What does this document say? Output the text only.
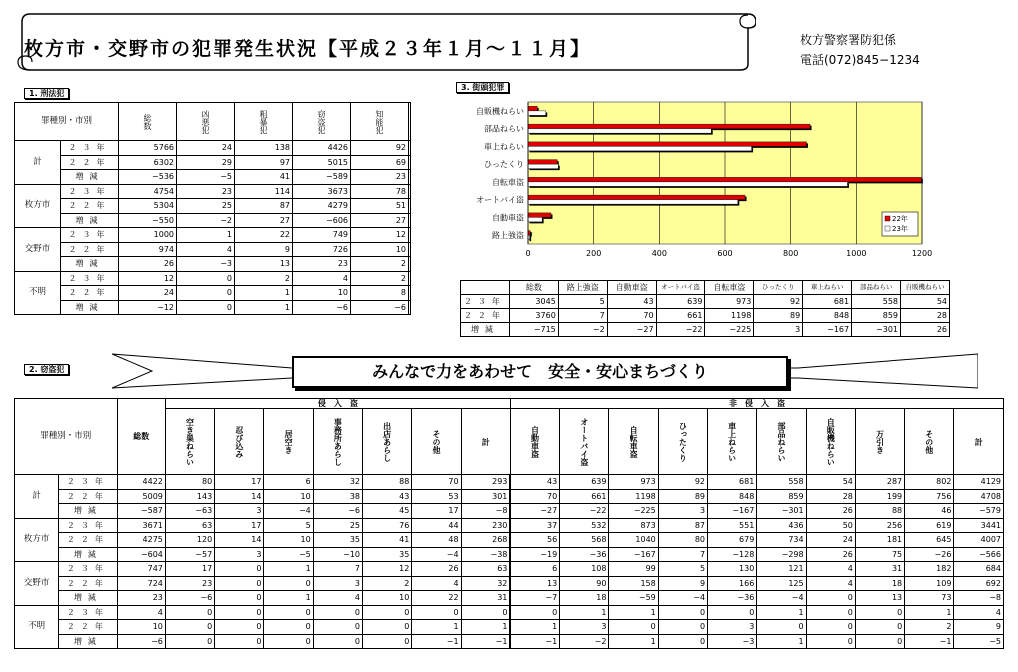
枚方市・交野市の犯罪発生状況【平成２３年１月～１１月】	枚方警察署防犯係
電話(072)845−1234
1. 刑法犯
罪種別・市別		総数	凶悪犯	粗暴犯	窃盗犯	知能犯

計	２３年	5766	24	138	4426	92	
	２２年	6302	29	97	5015	69	
	増減	−536	−5	41	−589	23	
枚方市	２３年	4754	23	114	3673	78	
	２２年	5304	25	87	4279	51	
	増減	−550	−2	27	−606	27	
交野市	２３年	1000	1	22	749	12	
	２２年	974	4	9	726	10	
	増減	26	−3	13	23	2	
不明	２３年	12	0	2	4	2	
	２２年	24	0	1	10	8	
	増減	−12	0	1	−6	−6	
3. 街頭犯罪
0	200	400	600	800	1000	1200
自販機ねらい
部品ねらい
車上ねらい
ひったくり
自転車盗
オートバイ盗
自動車盗
路上強盗
22年
23年
	総数	路上強盗	自動車盗	オートバイ盗	自転車盗	ひったくり	車上ねらい	部品ねらい	自販機ねらい
２３年	3045	5	43	639	973	92	681	558	54
２２年	3760	7	70	661	1198	89	848	859	28
増減	−715	−2	−27	−22	−225	3	−167	−301	26
みんなで力をあわせて　安全・安心まちづくり
2. 窃盗犯
罪種別・市別		総数	侵　入　盗							非　侵　入　盗									

			空き巣ねらい	忍び込み	居空き	事務所あらし	出店あらし	その他	計	自動車盗	オートバイ盗	自転車盗	ひったくり	車上ねらい	部品ねらい	自販機ねらい	万引き	その他	計

計	２３年	4422	80	17	6	32	88	70	293	43	639	973	92	681	558	54	287	802	4129
	２２年	5009	143	14	10	38	43	53	301	70	661	1198	89	848	859	28	199	756	4708
	増減	−587	−63	3	−4	−6	45	17	−8	−27	−22	−225	3	−167	−301	26	88	46	−579
枚方市	２３年	3671	63	17	5	25	76	44	230	37	532	873	87	551	436	50	256	619	3441
	２２年	4275	120	14	10	35	41	48	268	56	568	1040	80	679	734	24	181	645	4007
	増減	−604	−57	3	−5	−10	35	−4	−38	−19	−36	−167	7	−128	−298	26	75	−26	−566
交野市	２３年	747	17	0	1	7	12	26	63	6	108	99	5	130	121	4	31	182	684
	２２年	724	23	0	0	3	2	4	32	13	90	158	9	166	125	4	18	109	692
	増減	23	−6	0	1	4	10	22	31	−7	18	−59	−4	−36	−4	0	13	73	−8
不明	２３年	4	0	0	0	0	0	0	0	0	1	1	0	0	1	0	0	1	4
	２２年	10	0	0	0	0	0	1	1	1	3	0	0	3	0	0	0	2	9
	増減	−6	0	0	0	0	0	−1	−1	−1	−2	1	0	−3	1	0	0	−1	−5
